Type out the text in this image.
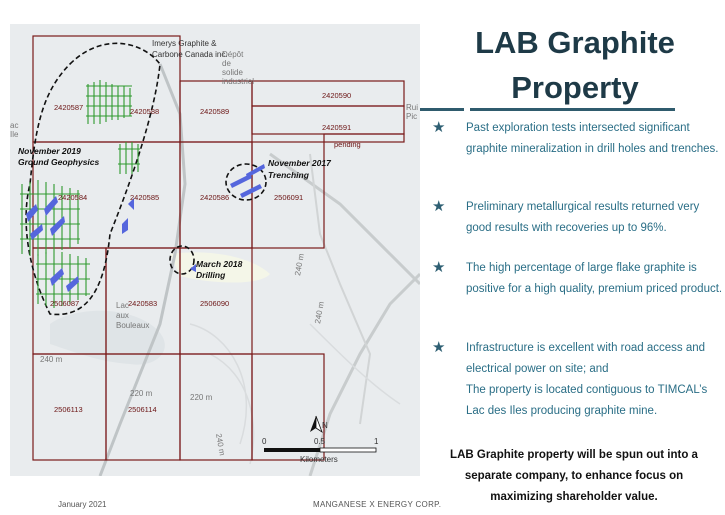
2420587	2420588	2420589
2420590
2420591
2420584	2420585	2420586	2506091
2506087	2420583	2506090
2506113	2506114
pending
November 2019
Ground Geophysics	November 2017
Trenching
March 2018
Drilling
Imerys Graphite &
Carbone Canada inc.
Dépôt
de
solide
industriel
Lac
aux
Bouleaux
ac
Ile
Rui
Pic
240 m
240 m
220 m	220 m
240 m
240 m
N
0	0.5	1
Kilometers
LAB Graphite
Property
★ Past exploration tests intersected significant graphite mineralization in drill holes and trenches.
★ Preliminary metallurgical results returned very good results with recoveries up to 96%.
★ The high percentage of large flake graphite is positive for a high quality, premium priced product.
★ Infrastructure is excellent with road access and electrical power on site; and
The property is located contiguous to TIMCAL’s Lac des Iles producing graphite mine.
LAB Graphite property will be spun out into a separate company, to enhance focus on maximizing shareholder value.
January 2021	MANGANESE X ENERGY CORP.
